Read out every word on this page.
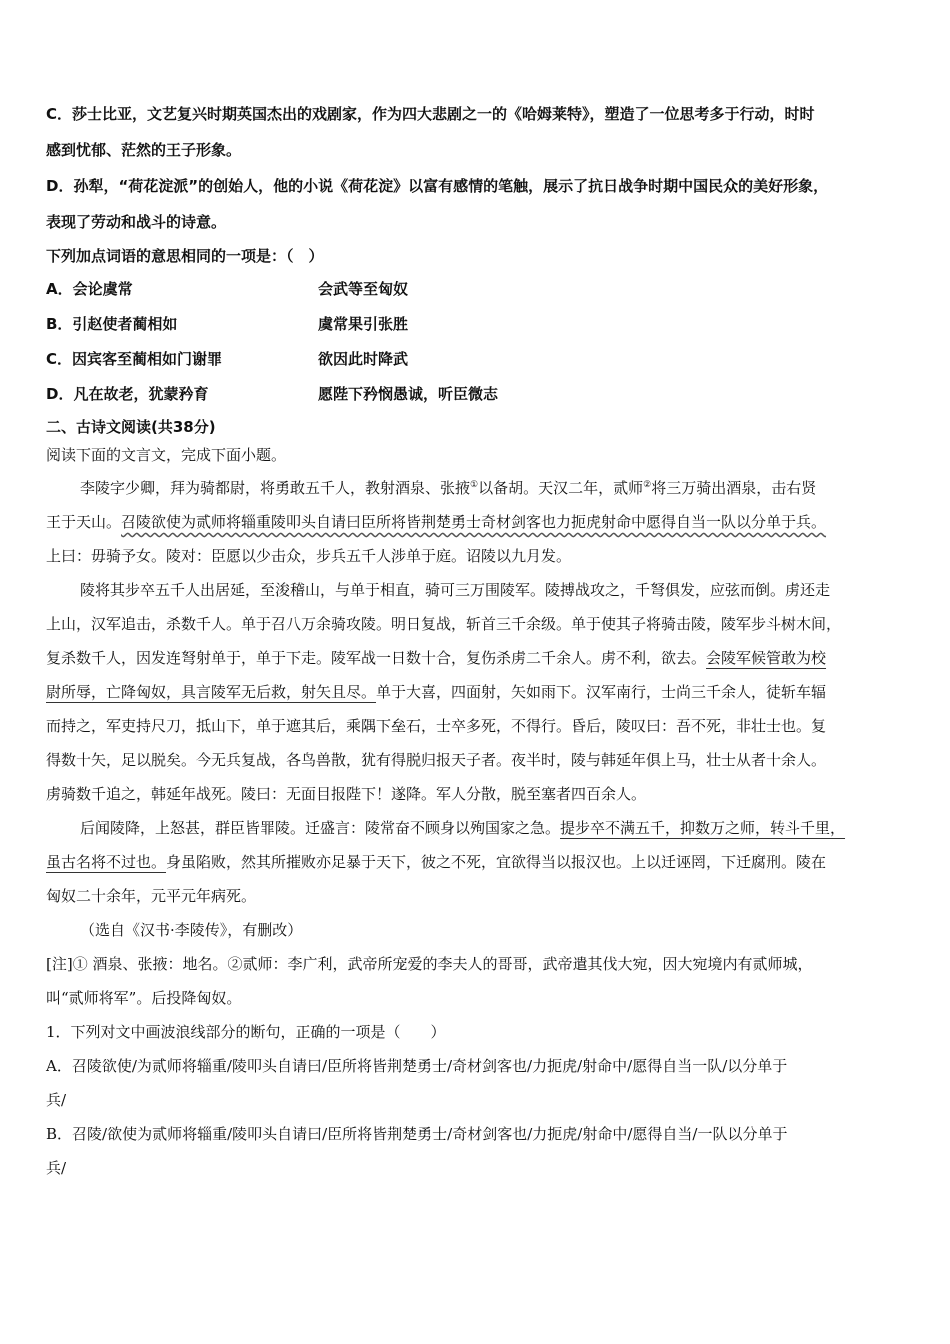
C．莎士比亚，文艺复兴时期英国杰出的戏剧家，作为四大悲剧之一的《哈姆莱特》，塑造了一位思考多于行动，时时
感到忧郁、茫然的王子形象。
D．孙犁，“荷花淀派”的创始人，他的小说《荷花淀》以富有感情的笔触，展示了抗日战争时期中国民众的美好形象，
表现了劳动和战斗的诗意。
下列加点词语的意思相同的一项是：（　）
A．会论虞常	会武等至匈奴
B．引赵使者蔺相如	虞常果引张胜
C．因宾客至蔺相如门谢罪	欲因此时降武
D．凡在故老，犹蒙矜育	愿陛下矜悯愚诚，听臣微志
二、古诗文阅读(共38分)
阅读下面的文言文，完成下面小题。
李陵字少卿，拜为骑都尉，将勇敢五千人，教射酒泉、张掖①以备胡。天汉二年，贰师②将三万骑出酒泉，击右贤
王于天山。召陵欲使为贰师将辎重陵叩头自请曰臣所将皆荆楚勇士奇材剑客也力扼虎射命中愿得自当一队以分单于兵。
上曰：毋骑予女。陵对：臣愿以少击众，步兵五千人涉单于庭。诏陵以九月发。
陵将其步卒五千人出居延，至浚稽山，与单于相直，骑可三万围陵军。陵搏战攻之，千弩俱发，应弦而倒。虏还走
上山，汉军追击，杀数千人。单于召八万余骑攻陵。明日复战，斩首三千余级。单于使其子将骑击陵，陵军步斗树木间，
复杀数千人，因发连弩射单于，单于下走。陵军战一日数十合，复伤杀虏二千余人。虏不利，欲去。会陵军候管敢为校
尉所辱，亡降匈奴，具言陵军无后救，射矢且尽。单于大喜，四面射，矢如雨下。汉军南行，士尚三千余人，徒斩车辐
而持之，军吏持尺刀，抵山下，单于遮其后，乘隅下垒石，士卒多死，不得行。昏后，陵叹曰：吾不死，非壮士也。复
得数十矢，足以脱矣。今无兵复战，各鸟兽散，犹有得脱归报天子者。夜半时，陵与韩延年俱上马，壮士从者十余人。
虏骑数千追之，韩延年战死。陵曰：无面目报陛下！遂降。军人分散，脱至塞者四百余人。
后闻陵降，上怒甚，群臣皆罪陵。迁盛言：陵常奋不顾身以殉国家之急。提步卒不满五千，抑数万之师，转斗千里，
虽古名将不过也。身虽陷败，然其所摧败亦足暴于天下，彼之不死，宜欲得当以报汉也。上以迁诬罔，下迁腐刑。陵在
匈奴二十余年，元平元年病死。
（选自《汉书·李陵传》，有删改）
[注]① 酒泉、张掖：地名。②贰师：李广利，武帝所宠爱的李夫人的哥哥，武帝遣其伐大宛，因大宛境内有贰师城，
叫“贰师将军”。后投降匈奴。
1．下列对文中画波浪线部分的断句，正确的一项是（　　）
A．召陵欲使/为贰师将辎重/陵叩头自请曰/臣所将皆荆楚勇士/奇材剑客也/力扼虎/射命中/愿得自当一队/以分单于
兵/
B．召陵/欲使为贰师将辎重/陵叩头自请曰/臣所将皆荆楚勇士/奇材剑客也/力扼虎/射命中/愿得自当/一队以分单于
兵/
